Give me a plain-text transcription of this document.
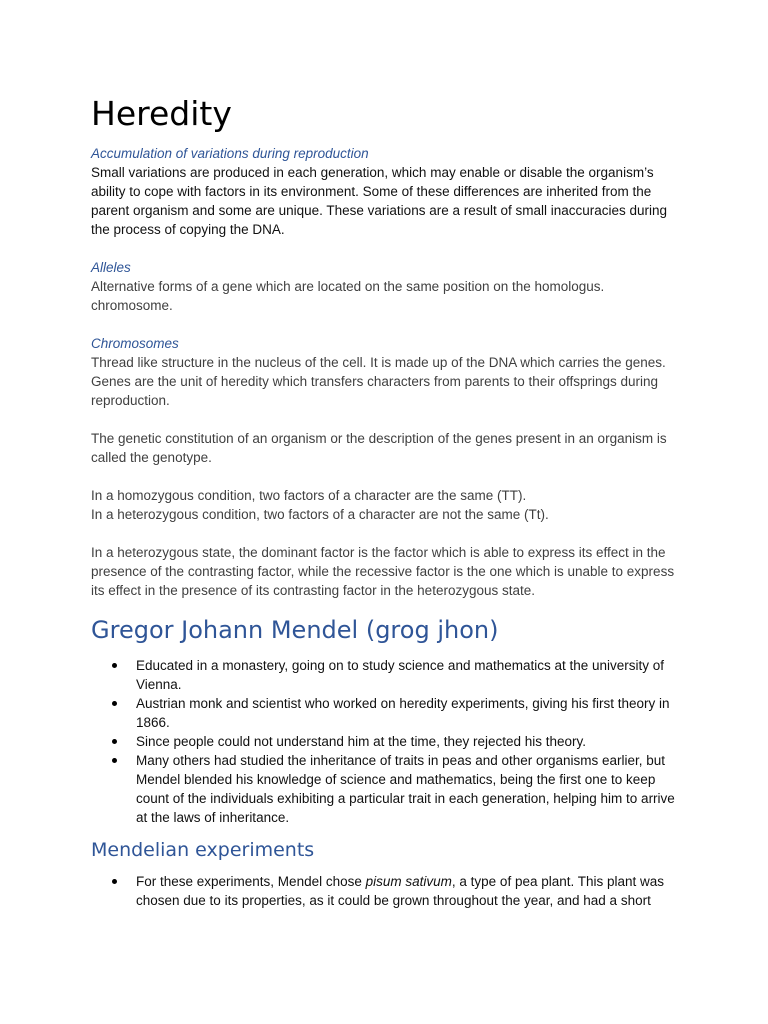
Heredity

Accumulation of variations during reproduction

Small variations are produced in each generation, which may enable or disable the organism’s ability to cope with factors in its environment. Some of these differences are inherited from the parent organism and some are unique. These variations are a result of small inaccuracies during the process of copying the DNA.

Alleles

Alternative forms of a gene which are located on the same position on the homologus. chromosome.

Chromosomes

Thread like structure in the nucleus of the cell. It is made up of the DNA which carries the genes. Genes are the unit of heredity which transfers characters from parents to their offsprings during reproduction.

The genetic constitution of an organism or the description of the genes present in an organism is called the genotype.

In a homozygous condition, two factors of a character are the same (TT).

In a heterozygous condition, two factors of a character are not the same (Tt).

In a heterozygous state, the dominant factor is the factor which is able to express its effect in the presence of the contrasting factor, while the recessive factor is the one which is unable to express its effect in the presence of its contrasting factor in the heterozygous state.

Gregor Johann Mendel (grog jhon)
Educated in a monastery, going on to study science and mathematics at the university of Vienna.
Austrian monk and scientist who worked on heredity experiments, giving his first theory in 1866.
Since people could not understand him at the time, they rejected his theory.
Many others had studied the inheritance of traits in peas and other organisms earlier, but Mendel blended his knowledge of science and mathematics, being the first one to keep count of the individuals exhibiting a particular trait in each generation, helping him to arrive at the laws of inheritance.
Mendelian experiments
For these experiments, Mendel chose pisum sativum, a type of pea plant. This plant was chosen due to its properties, as it could be grown throughout the year, and had a short
